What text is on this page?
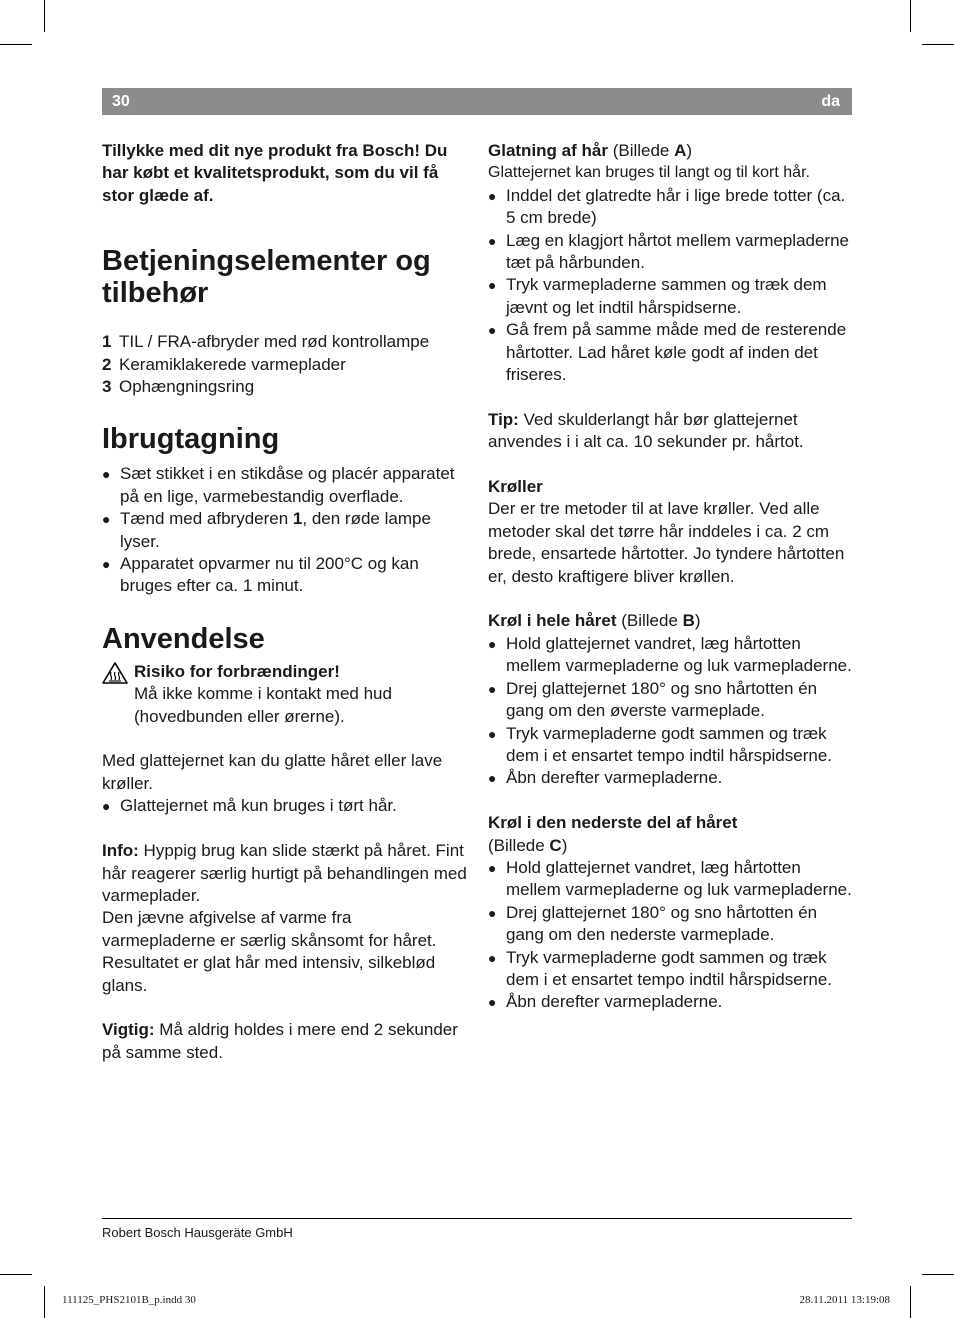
30	da

Tillykke med dit nye produkt fra Bosch! Du har købt et kvalitetsprodukt, som du vil få stor glæde af.

Betjeningselementer og tilbehør
1 TIL / FRA-afbryder med rød kontrollampe
2 Keramiklakerede varmeplader
3 Ophængningsring
Ibrugtagning
● Sæt stikket i en stikdåse og placér apparatet på en lige, varmebestandig overflade.
● Tænd med afbryderen 1, den røde lampe lyser.
● Apparatet opvarmer nu til 200°C og kan bruges efter ca. 1 minut.
Anvendelse

Risiko for forbrændinger!

Må ikke komme i kontakt med hud (hovedbunden eller ørerne).

Med glattejernet kan du glatte håret eller lave krøller.

● Glattejernet må kun bruges i tørt hår.

Info: Hyppig brug kan slide stærkt på håret. Fint hår reagerer særlig hurtigt på behandlingen med varmeplader.

Den jævne afgivelse af varme fra varmepladerne er særlig skånsomt for håret.

Resultatet er glat hår med intensiv, silkeblød glans.

Vigtig: Må aldrig holdes i mere end 2 sekunder på samme sted.

Glatning af hår (Billede A)

Glattejernet kan bruges til langt og til kort hår.

● Inddel det glatredte hår i lige brede totter (ca. 5 cm brede)
● Læg en klagjort hårtot mellem varmepladerne tæt på hårbunden.
● Tryk varmepladerne sammen og træk dem jævnt og let indtil hårspidserne.
● Gå frem på samme måde med de resterende hårtotter. Lad håret køle godt af inden det friseres.

Tip: Ved skulderlangt hår bør glattejernet anvendes i i alt ca. 10 sekunder pr. hårtot.

Krøller

Der er tre metoder til at lave krøller. Ved alle metoder skal det tørre hår inddeles i ca. 2 cm brede, ensartede hårtotter. Jo tyndere hårtotten er, desto kraftigere bliver krøllen.

Krøl i hele håret (Billede B)

● Hold glattejernet vandret, læg hårtotten mellem varmepladerne og luk varmepladerne.
● Drej glattejernet 180° og sno hårtotten én gang om den øverste varmeplade.
● Tryk varmepladerne godt sammen og træk dem i et ensartet tempo indtil hårspidserne.
● Åbn derefter varmepladerne.

Krøl i den nederste del af håret

(Billede C)

● Hold glattejernet vandret, læg hårtotten mellem varmepladerne og luk varmepladerne.
● Drej glattejernet 180° og sno hårtotten én gang om den nederste varmeplade.
● Tryk varmepladerne godt sammen og træk dem i et ensartet tempo indtil hårspidserne.
● Åbn derefter varmepladerne.
Robert Bosch Hausgeräte GmbH
111125_PHS2101B_p.indd 30	28.11.2011 13:19:08
